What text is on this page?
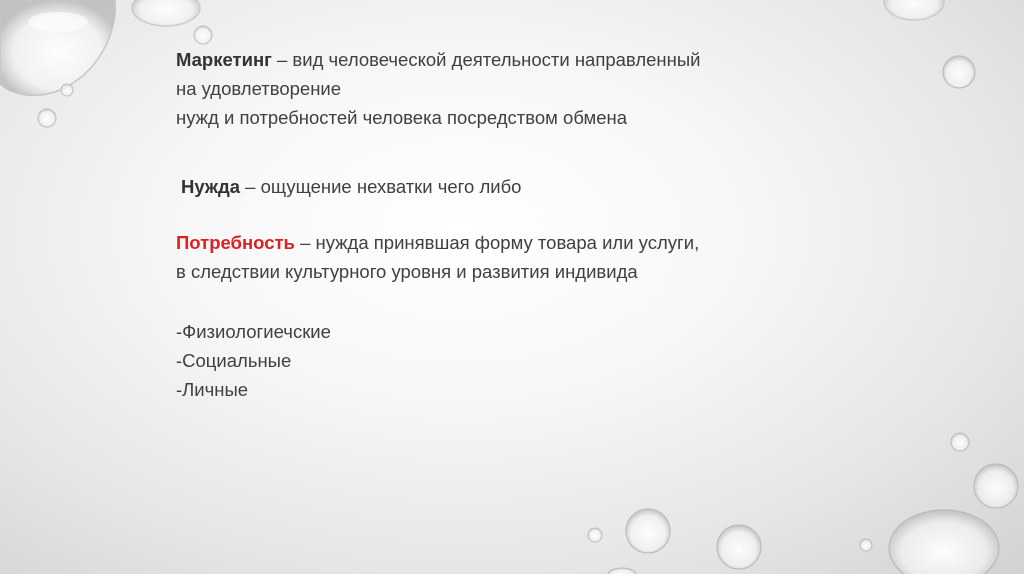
Маркетинг – вид человеческой деятельности направленный

на удовлетворение

нужд и потребностей человека посредством обмена

Нужда – ощущение нехватки чего либо

Потребность – нужда принявшая форму товара или услуги,

в следствии культурного уровня и развития индивида

-Физиологиечские

-Социальные

-Личные
